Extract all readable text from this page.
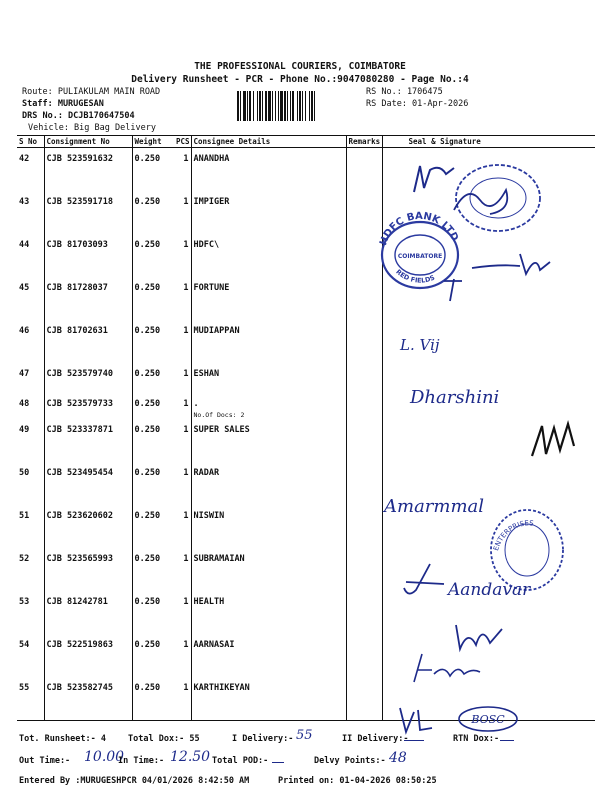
THE PROFESSIONAL COURIERS, COIMBATORE
Delivery Runsheet - PCR - Phone No.:9047080280 - Page No.:4
Route: PULIAKULAM MAIN ROAD
Staff: MURUGESAN
DRS No.: DCJB170647504
Vehicle: Big Bag Delivery
RS No.: 1706475
RS Date: 01-Apr-2026
S No	Consignment No	Weight	PCS	Consignee Details	Remarks	Seal & Signature
42	CJB 523591632	0.250	1	ANANDHA		
43	CJB 523591718	0.250	1	IMPIGER		
44	CJB 81703093	0.250	1	HDFC\		
45	CJB 81728037	0.250	1	FORTUNE		
46	CJB 81702631	0.250	1	MUDIAPPAN		
47	CJB 523579740	0.250	1	ESHAN		
48	CJB 523579733	0.250	1	.
No.Of Docs: 2		

49	CJB 523337871	0.250	1	SUPER SALES		
50	CJB 523495454	0.250	1	RADAR		
51	CJB 523620602	0.250	1	NISWIN		
52	CJB 523565993	0.250	1	SUBRAMAIAN		
53	CJB 81242781	0.250	1	HEALTH		
54	CJB 522519863	0.250	1	AARNASAI		
55	CJB 523582745	0.250	1	KARTHIKEYAN		
HDFC BANK LTD
COIMBATORE
RED FIELDS
ENTERPRISES
L. Vij
Dharshini
Amarmmal
Aandavar
BOSC
Tot. Runsheet:- 4	Total Dox:- 55	I Delivery:- 55	II Delivery:-	RTN Dox:-
Out Time:- 10.00
In Time:- 12.50 Total POD:-	Delvy Points:- 48
Entered By :MURUGESHPCR 04/01/2026 8:42:50 AM	Printed on: 01-04-2026 08:50:25
